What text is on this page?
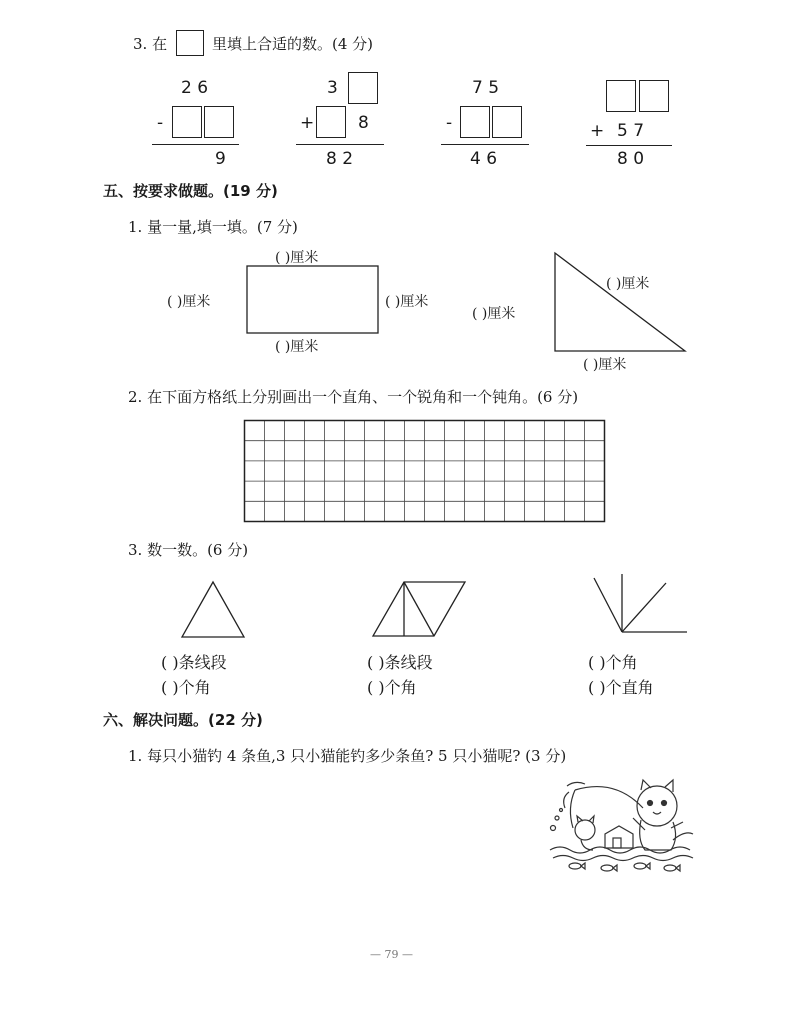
3. 在	里填上合适的数。(4 分)
2 6
-
9
3
+	8
8 2
7 5
-
4 6
+ 5 7
8 0
五、按要求做题。(19 分)
1. 量一量,填一填。(7 分)
( )厘米
( )厘米	( )厘米
( )厘米
( )厘米
( )厘米
( )厘米
2. 在下面方格纸上分别画出一个直角、一个锐角和一个钝角。(6 分)
3. 数一数。(6 分)
( )条线段
( )个角
( )条线段
( )个角
( )个角
( )个直角
六、解决问题。(22 分)
1. 每只小猫钓 4 条鱼,3 只小猫能钓多少条鱼? 5 只小猫呢? (3 分)
— 79 —
